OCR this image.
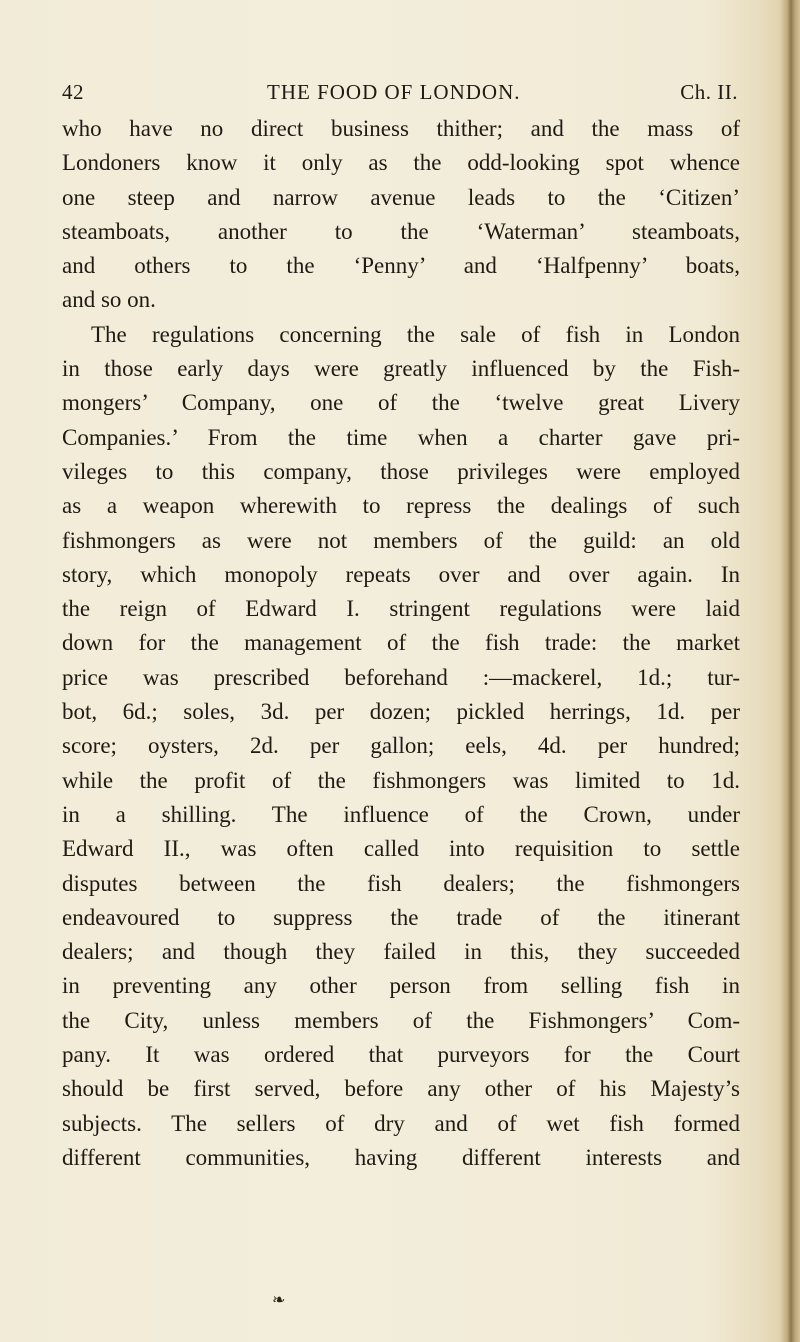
42	THE FOOD OF LONDON.	Ch. II.
who have no direct business thither; and the mass of
Londoners know it only as the odd-looking spot whence
one steep and narrow avenue leads to the ‘Citizen’
steamboats, another to the ‘Waterman’ steamboats,
and others to the ‘Penny’ and ‘Halfpenny’ boats,
and so on.
The regulations concerning the sale of fish in London
in those early days were greatly influenced by the Fish-
mongers’ Company, one of the ‘twelve great Livery
Companies.’ From the time when a charter gave pri-
vileges to this company, those privileges were employed
as a weapon wherewith to repress the dealings of such
fishmongers as were not members of the guild: an old
story, which monopoly repeats over and over again. In
the reign of Edward I. stringent regulations were laid
down for the management of the fish trade: the market
price was prescribed beforehand :—mackerel, 1d.; tur-
bot, 6d.; soles, 3d. per dozen; pickled herrings, 1d. per
score; oysters, 2d. per gallon; eels, 4d. per hundred;
while the profit of the fishmongers was limited to 1d.
in a shilling. The influence of the Crown, under
Edward II., was often called into requisition to settle
disputes between the fish dealers; the fishmongers
endeavoured to suppress the trade of the itinerant
dealers; and though they failed in this, they succeeded
in preventing any other person from selling fish in
the City, unless members of the Fishmongers’ Com-
pany. It was ordered that purveyors for the Court
should be first served, before any other of his Majesty’s
subjects. The sellers of dry and of wet fish formed
different communities, having different interests and
❧
